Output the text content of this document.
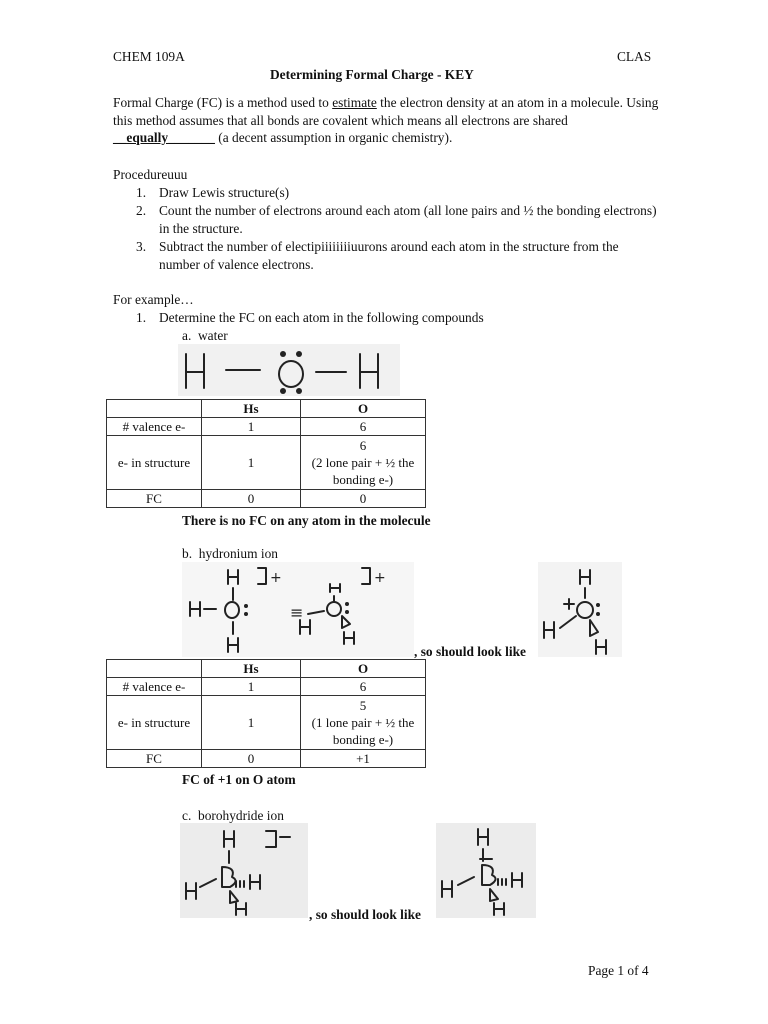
CHEM 109A	CLAS
Determining Formal Charge - KEY
Formal Charge (FC) is a method used to estimate the electron density at an atom in a molecule. Using this method assumes that all bonds are covalent which means all electrons are shared __equally_______ (a decent assumption in organic chemistry).
Procedureuuu
1. Draw Lewis structure(s)
2. Count the number of electrons around each atom (all lone pairs and ½ the bonding electrons) in the structure.
3. Subtract the number of electipiiiiiiiiuurons around each atom in the structure from the number of valence electrons.
For example…
1. Determine the FC on each atom in the following compounds
a. water
	Hs	O
# valence e-	1	6
e- in structure	1	6
(2 lone pair + ½ the bonding e-)

FC	0	0
There is no FC on any atom in the molecule
b. hydronium ion
+	+
≡
, so should look like
	Hs	O
# valence e-	1	6
e- in structure	1	5
(1 lone pair + ½ the bonding e-)

FC	0	+1
FC of +1 on O atom
c. borohydride ion
, so should look like
Page 1 of 4
